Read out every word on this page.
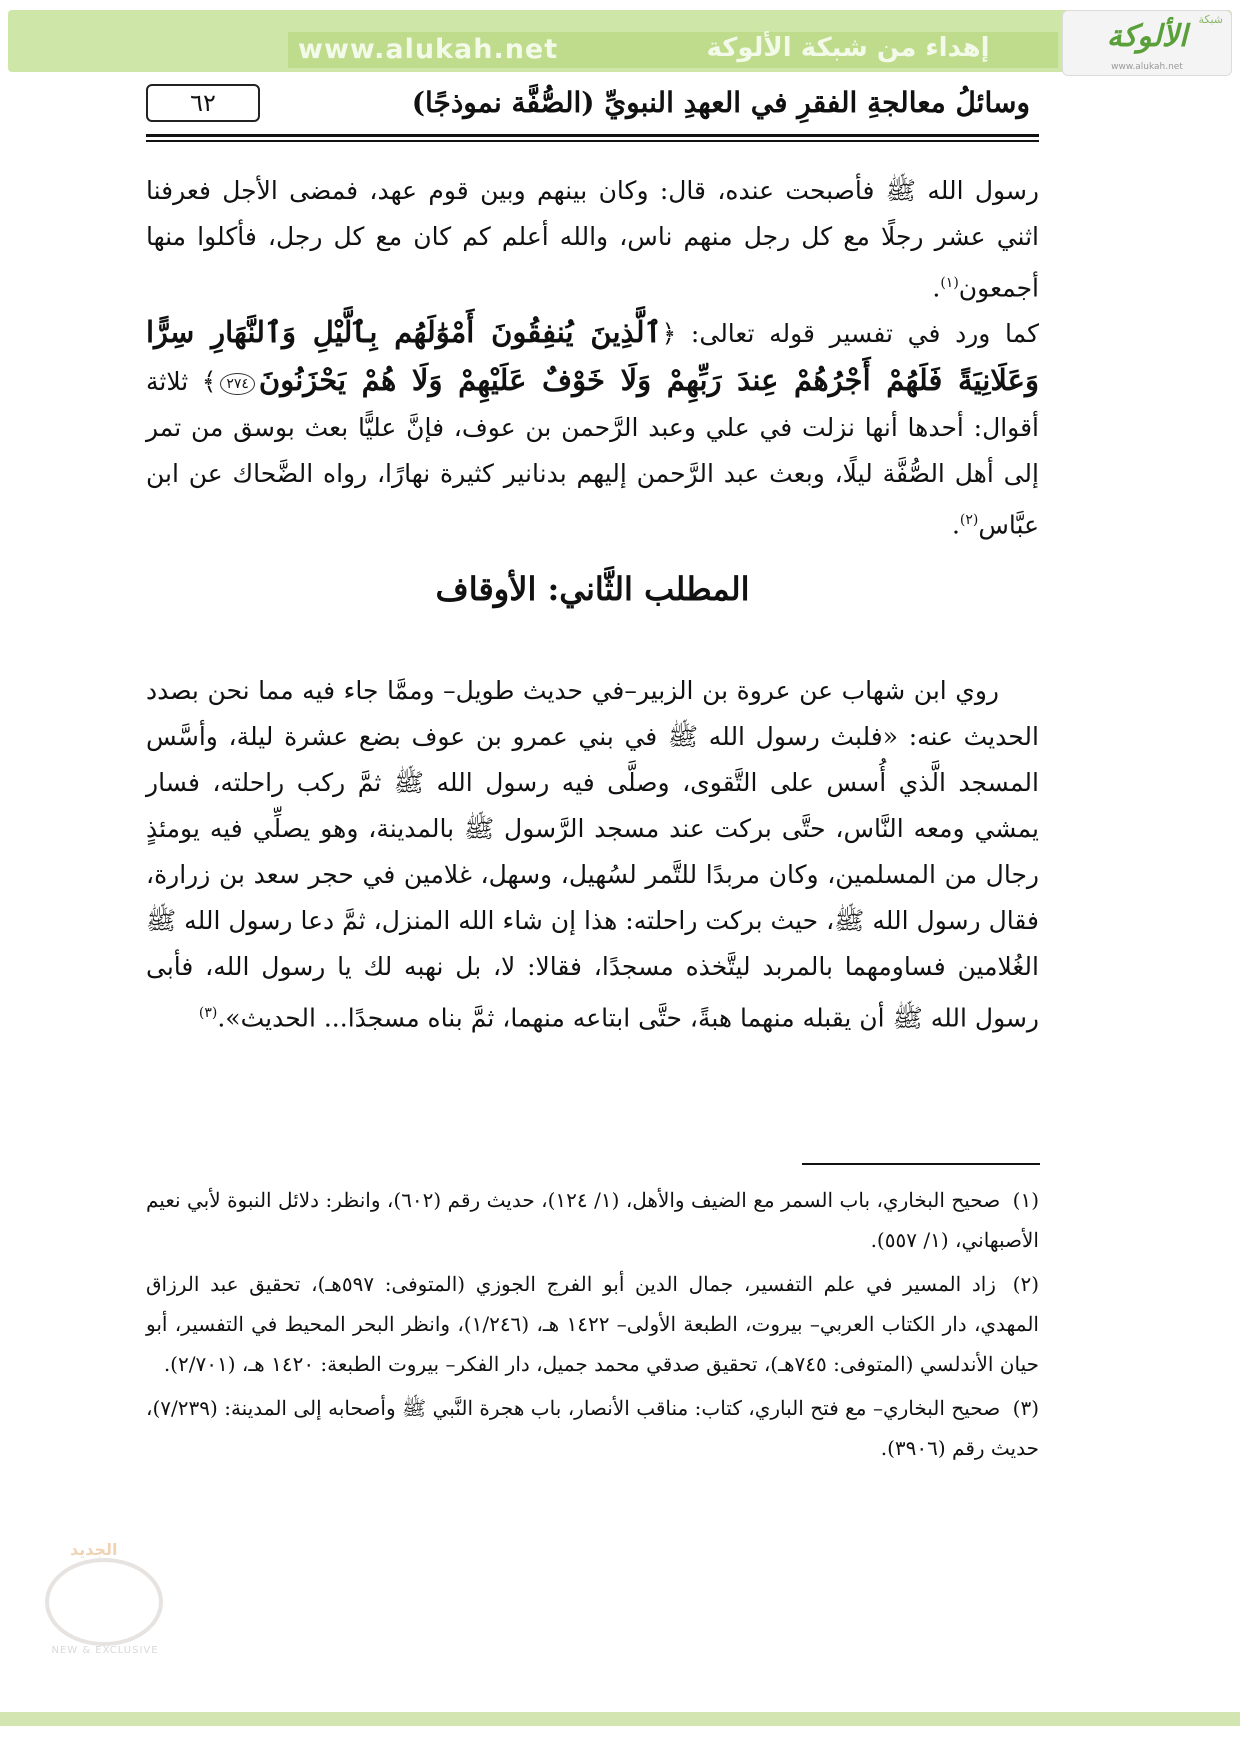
www.alukah.net	إهداء من شبكة الألوكة
شبكة
الألوكة
www.alukah.net
٦٢	وسائلُ معالجةِ الفقرِ في العهدِ النبويِّ (الصُّفَّة نموذجًا)

رسول الله ﷺ فأصبحت عنده، قال: وكان بينهم وبين قوم عهد، فمضى الأجل فعرفنا اثني عشر رجلًا مع كل رجل منهم ناس، والله أعلم كم كان مع كل رجل، فأكلوا منها أجمعون$^{(١)}$.

كما ورد في تفسير قوله تعالى: ﴿ٱلَّذِينَ يُنفِقُونَ أَمْوَٰلَهُم بِٱلَّيْلِ وَٱلنَّهَارِ سِرًّا وَعَلَانِيَةً فَلَهُمْ أَجْرُهُمْ عِندَ رَبِّهِمْ وَلَا خَوْفٌ عَلَيْهِمْ وَلَا هُمْ يَحْزَنُونَ٢٧٤﴾ ثلاثة أقوال: أحدها أنها نزلت في علي وعبد الرَّحمن بن عوف، فإنَّ عليًّا بعث بوسق من تمر إلى أهل الصُّفَّة ليلًا، وبعث عبد الرَّحمن إليهم بدنانير كثيرة نهارًا، رواه الضَّحاك عن ابن عبَّاس$^{(٢)}$.

المطلب الثَّاني: الأوقاف

روي ابن شهاب عن عروة بن الزبير–في حديث طويل– وممَّا جاء فيه مما نحن بصدد الحديث عنه: «فلبث رسول الله ﷺ في بني عمرو بن عوف بضع عشرة ليلة، وأسَّس المسجد الَّذي أُسس على التَّقوى، وصلَّى فيه رسول الله ﷺ ثمَّ ركب راحلته، فسار يمشي ومعه النَّاس، حتَّى بركت عند مسجد الرَّسول ﷺ بالمدينة، وهو يصلِّي فيه يومئذٍ رجال من المسلمين، وكان مربدًا للتَّمر لسُهيل، وسهل، غلامين في حجر سعد بن زرارة، فقال رسول الله ﷺ، حيث بركت راحلته: هذا إن شاء الله المنزل، ثمَّ دعا رسول الله ﷺ الغُلامين فساومهما بالمربد ليتَّخذه مسجدًا، فقالا: لا، بل نهبه لك يا رسول الله، فأبى رسول الله ﷺ أن يقبله منهما هبةً، حتَّى ابتاعه منهما، ثمَّ بناه مسجدًا... الحديث».$^{(٣)}$

(١) صحيح البخاري، باب السمر مع الضيف والأهل، (١/ ١٢٤)، حديث رقم (٦٠٢)، وانظر: دلائل النبوة لأبي نعيم الأصبهاني، (١/ ٥٥٧).

(٢) زاد المسير في علم التفسير، جمال الدين أبو الفرج الجوزي (المتوفى: ٥٩٧هـ)، تحقيق عبد الرزاق المهدي، دار الكتاب العربي– بيروت، الطبعة الأولى– ١٤٢٢ هـ، (١/٢٤٦)، وانظر البحر المحيط في التفسير، أبو حيان الأندلسي (المتوفى: ٧٤٥هـ)، تحقيق صدقي محمد جميل، دار الفكر– بيروت الطبعة: ١٤٢٠ هـ، (٢/٧٠١).

(٣) صحيح البخاري– مع فتح الباري، كتاب: مناقب الأنصار، باب هجرة النَّبي ﷺ وأصحابه إلى المدينة: (٧/٢٣٩)، حديث رقم (٣٩٠٦).

الجديد
NEW & EXCLUSIVE
